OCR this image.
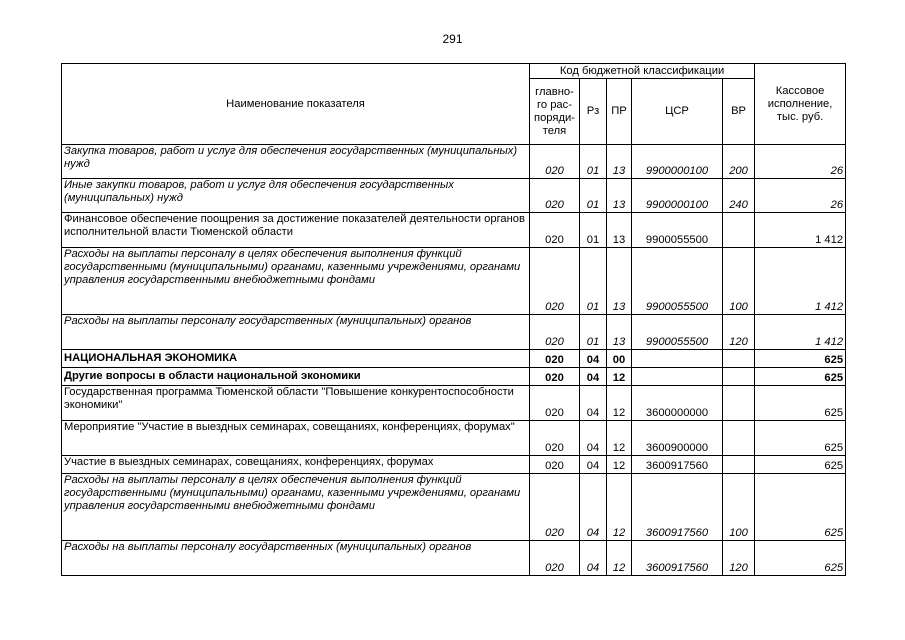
291
Наименование показателя	Код бюджетной классификации					Кассовое исполнение, тыс. руб.
	главно-го рас-поряди-теля	Рз	ПР	ЦСР	ВР	
Закупка товаров, работ и услуг для обеспечения государственных (муниципальных) нужд	020	01	13	9900000100	200	26
Иные закупки товаров, работ и услуг для обеспечения государственных (муниципальных) нужд	020	01	13	9900000100	240	26
Финансовое обеспечение поощрения за достижение показателей деятельности органов исполнительной власти Тюменской области	020	01	13	9900055500		1 412
Расходы на выплаты персоналу в целях обеспечения выполнения функций государственными (муниципальными) органами, казенными учреждениями, органами управления государственными внебюджетными фондами	020	01	13	9900055500	100	1 412
Расходы на выплаты персоналу государственных (муниципальных) органов	020	01	13	9900055500	120	1 412
НАЦИОНАЛЬНАЯ ЭКОНОМИКА	020	04	00			625
Другие вопросы в области национальной экономики	020	04	12			625
Государственная программа Тюменской области "Повышение конкурентоспособности экономики"	020	04	12	3600000000		625
Мероприятие "Участие в выездных семинарах, совещаниях, конференциях, форумах"	020	04	12	3600900000		625
Участие в выездных семинарах, совещаниях, конференциях, форумах	020	04	12	3600917560		625
Расходы на выплаты персоналу в целях обеспечения выполнения функций государственными (муниципальными) органами, казенными учреждениями, органами управления государственными внебюджетными фондами	020	04	12	3600917560	100	625
Расходы на выплаты персоналу государственных (муниципальных) органов	020	04	12	3600917560	120	625
